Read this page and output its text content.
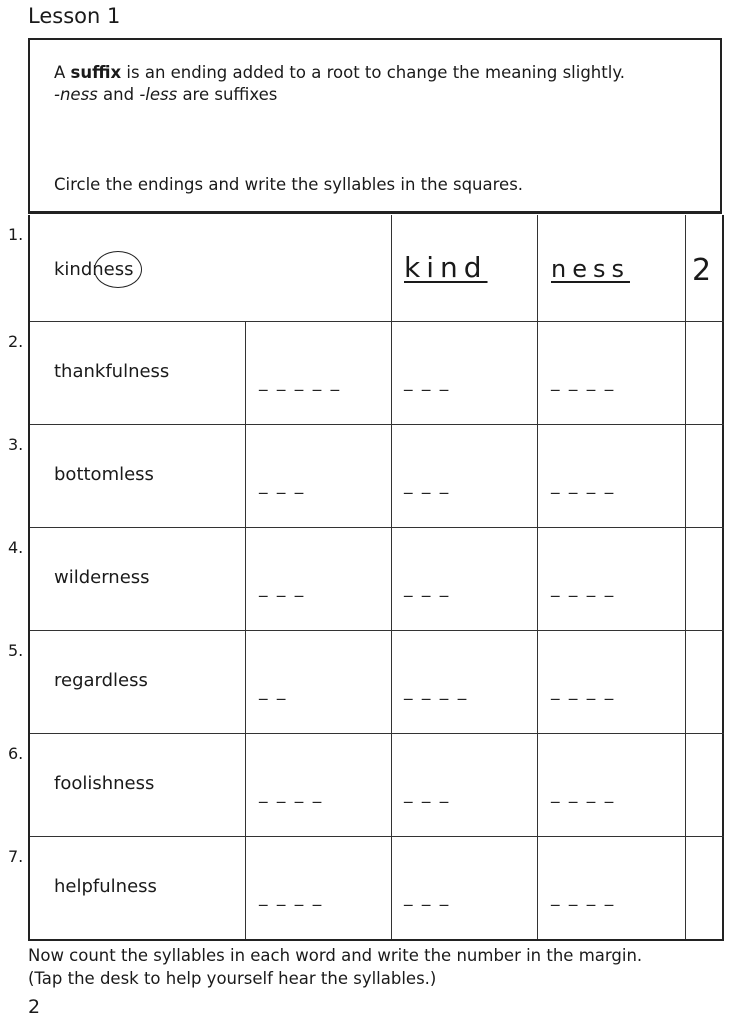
Lesson 1
A suffix is an ending added to a root to change the meaning slightly.
-ness and -less are suffixes
Circle the endings and write the syllables in the squares.
1.
kindness	kind	ness 2
2.
thankfulness	_ _ _ _ _	_ _ _	_ _ _ _
3.
bottomless	_ _ _	_ _ _	_ _ _ _
4.
wilderness	_ _ _	_ _ _	_ _ _ _
5.
regardless	_ _	_ _ _ _	_ _ _ _
6.
foolishness	_ _ _ _	_ _ _	_ _ _ _
7.
helpfulness	_ _ _ _	_ _ _	_ _ _ _
Now count the syllables in each word and write the number in the margin.
(Tap the desk to help yourself hear the syllables.)
2
